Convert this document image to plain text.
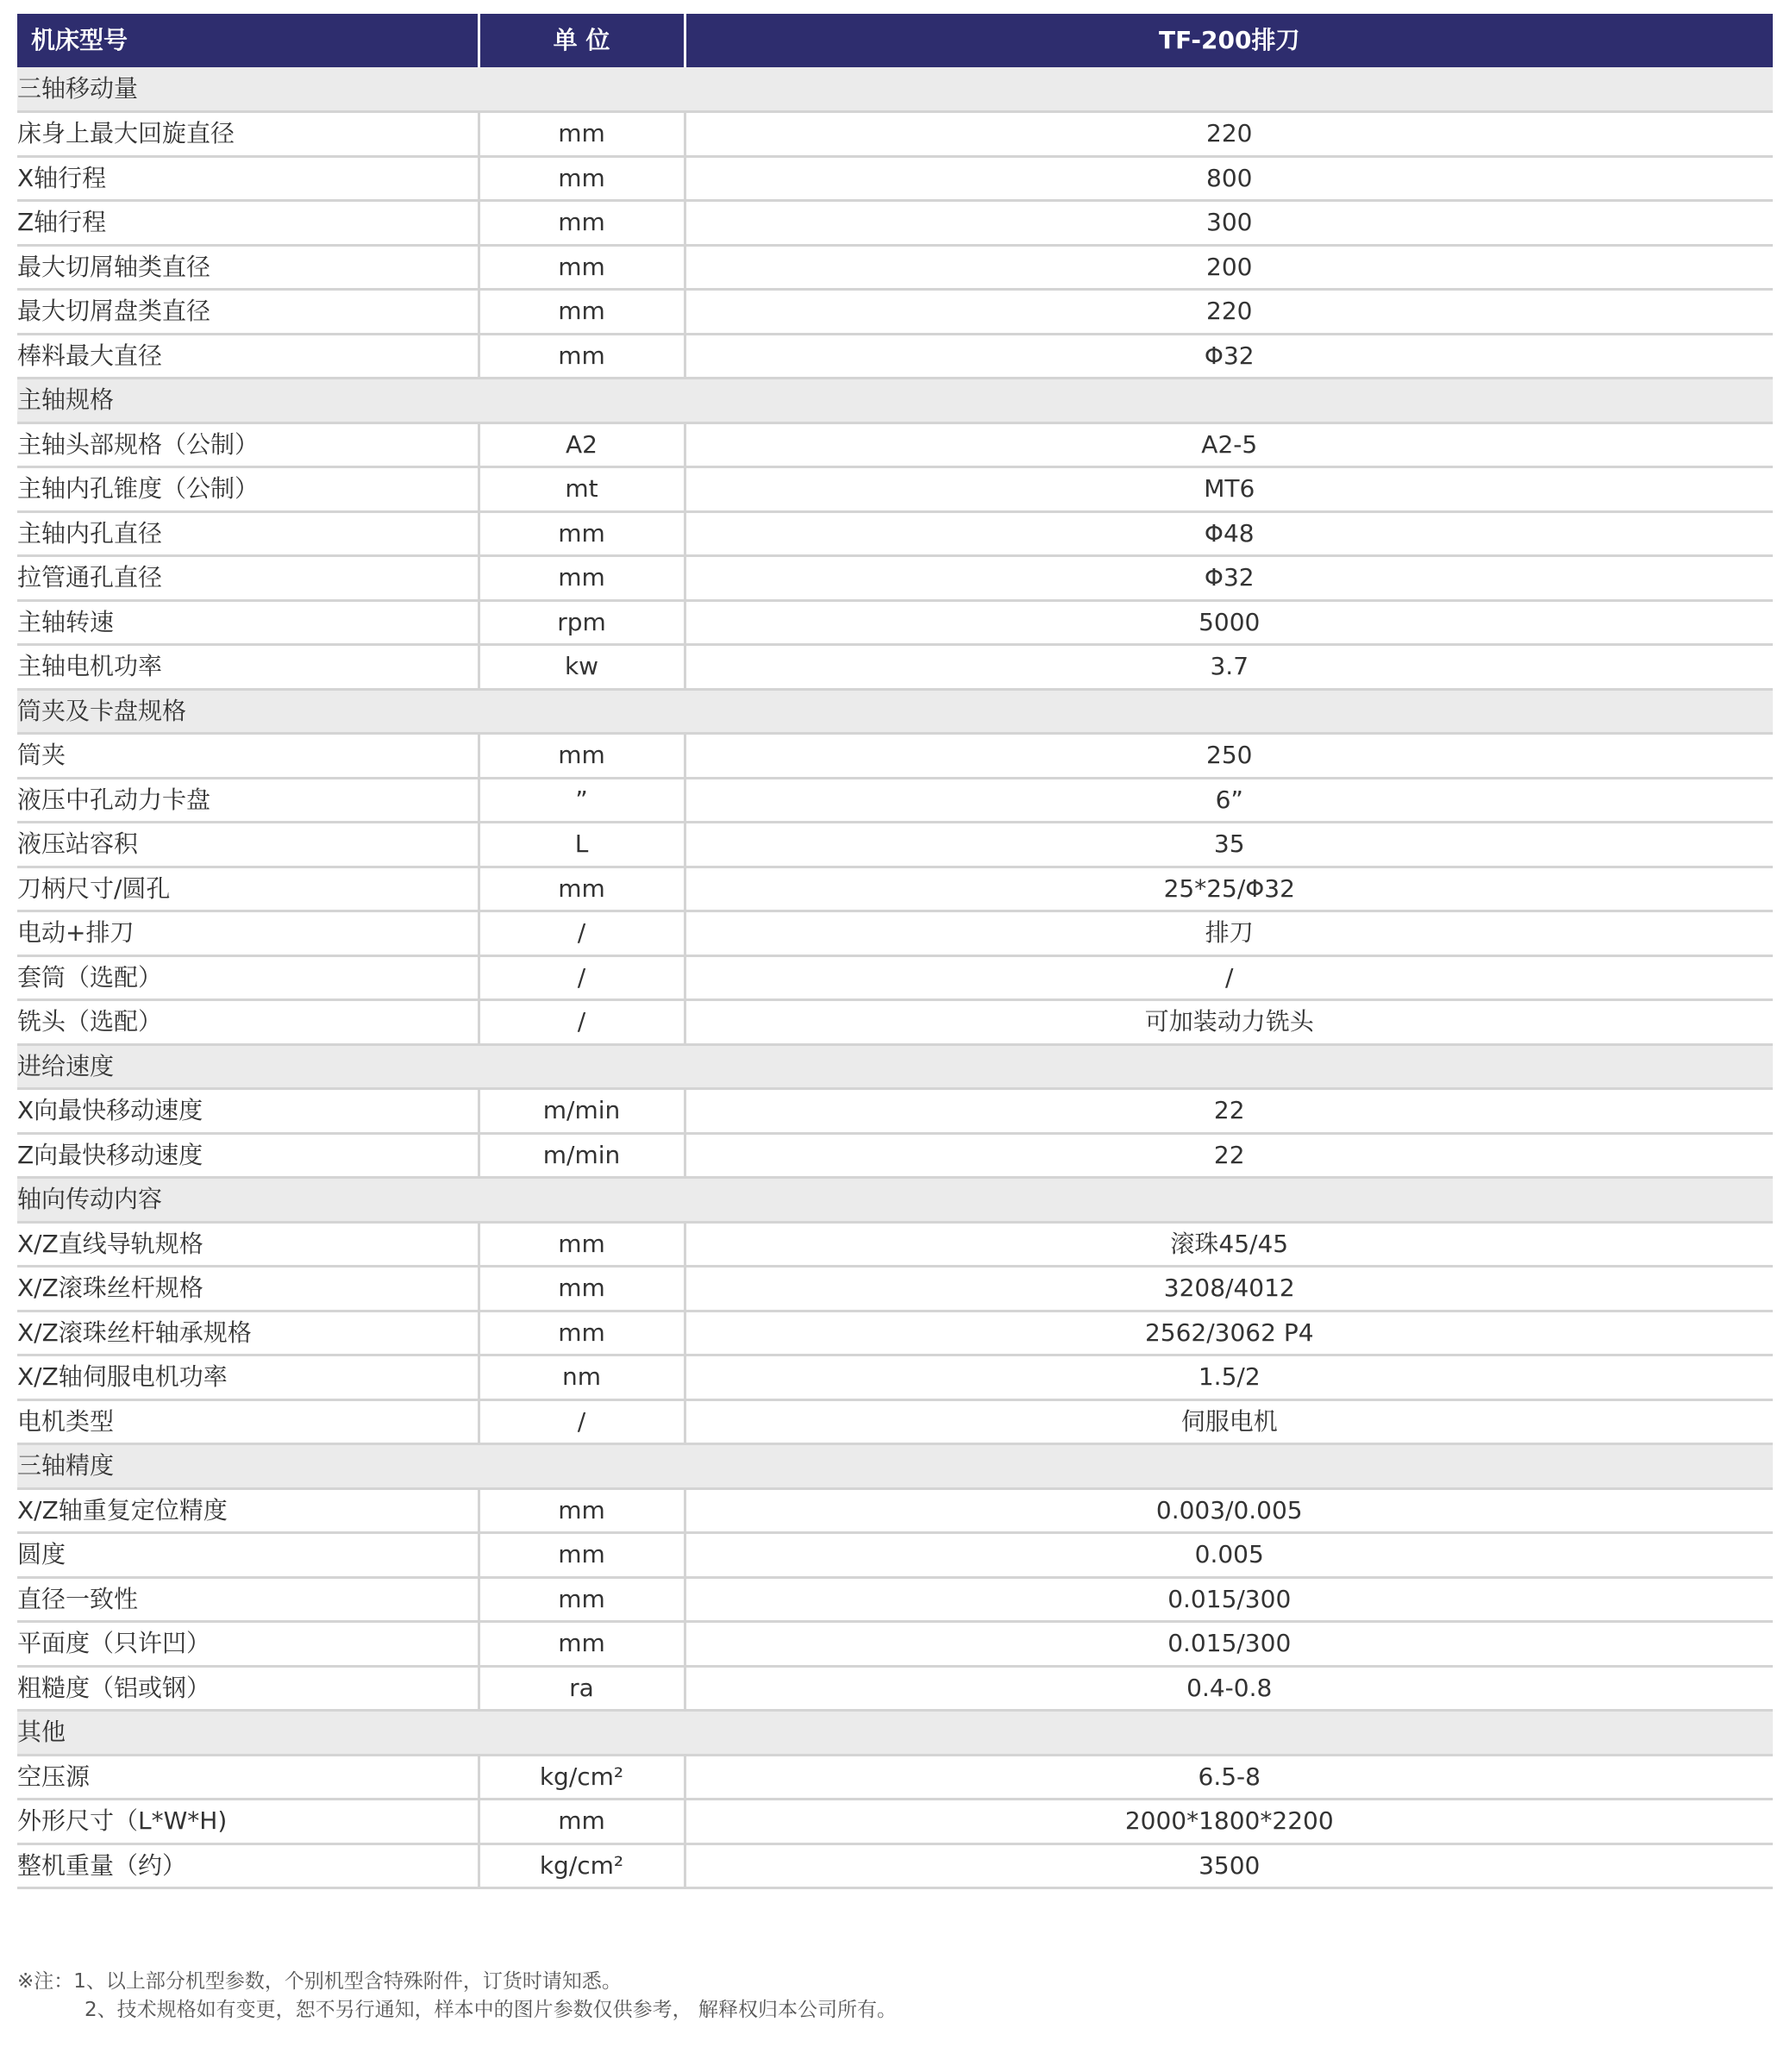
机床型号	单 位	TF-200排刀
三轴移动量		
床身上最大回旋直径	mm	220
X轴行程	mm	800
Z轴行程	mm	300
最大切屑轴类直径	mm	200
最大切屑盘类直径	mm	220
棒料最大直径	mm	Φ32
主轴规格		
主轴头部规格（公制）	A2	A2-5
主轴内孔锥度（公制）	mt	MT6
主轴内孔直径	mm	Φ48
拉管通孔直径	mm	Φ32
主轴转速	rpm	5000
主轴电机功率	kw	3.7
筒夹及卡盘规格		
筒夹	mm	250
液压中孔动力卡盘	”	6”
液压站容积	L	35
刀柄尺寸/圆孔	mm	25*25/Φ32
电动+排刀	/	排刀
套筒（选配）	/	/
铣头（选配）	/	可加装动力铣头
进给速度		
X向最快移动速度	m/min	22
Z向最快移动速度	m/min	22
轴向传动内容		
X/Z直线导轨规格	mm	滚珠45/45
X/Z滚珠丝杆规格	mm	3208/4012
X/Z滚珠丝杆轴承规格	mm	2562/3062 P4
X/Z轴伺服电机功率	nm	1.5/2
电机类型	/	伺服电机
三轴精度		
X/Z轴重复定位精度	mm	0.003/0.005
圆度	mm	0.005
直径一致性	mm	0.015/300
平面度（只许凹）	mm	0.015/300
粗糙度（铝或钢）	ra	0.4-0.8
其他		
空压源	kg/cm²	6.5-8
外形尺寸（L*W*H)	mm	2000*1800*2200
整机重量（约）	kg/cm²	3500
※注：1、以上部分机型参数，个别机型含特殊附件，订货时请知悉。
2、技术规格如有变更，恕不另行通知，样本中的图片参数仅供参考， 解释权归本公司所有。
